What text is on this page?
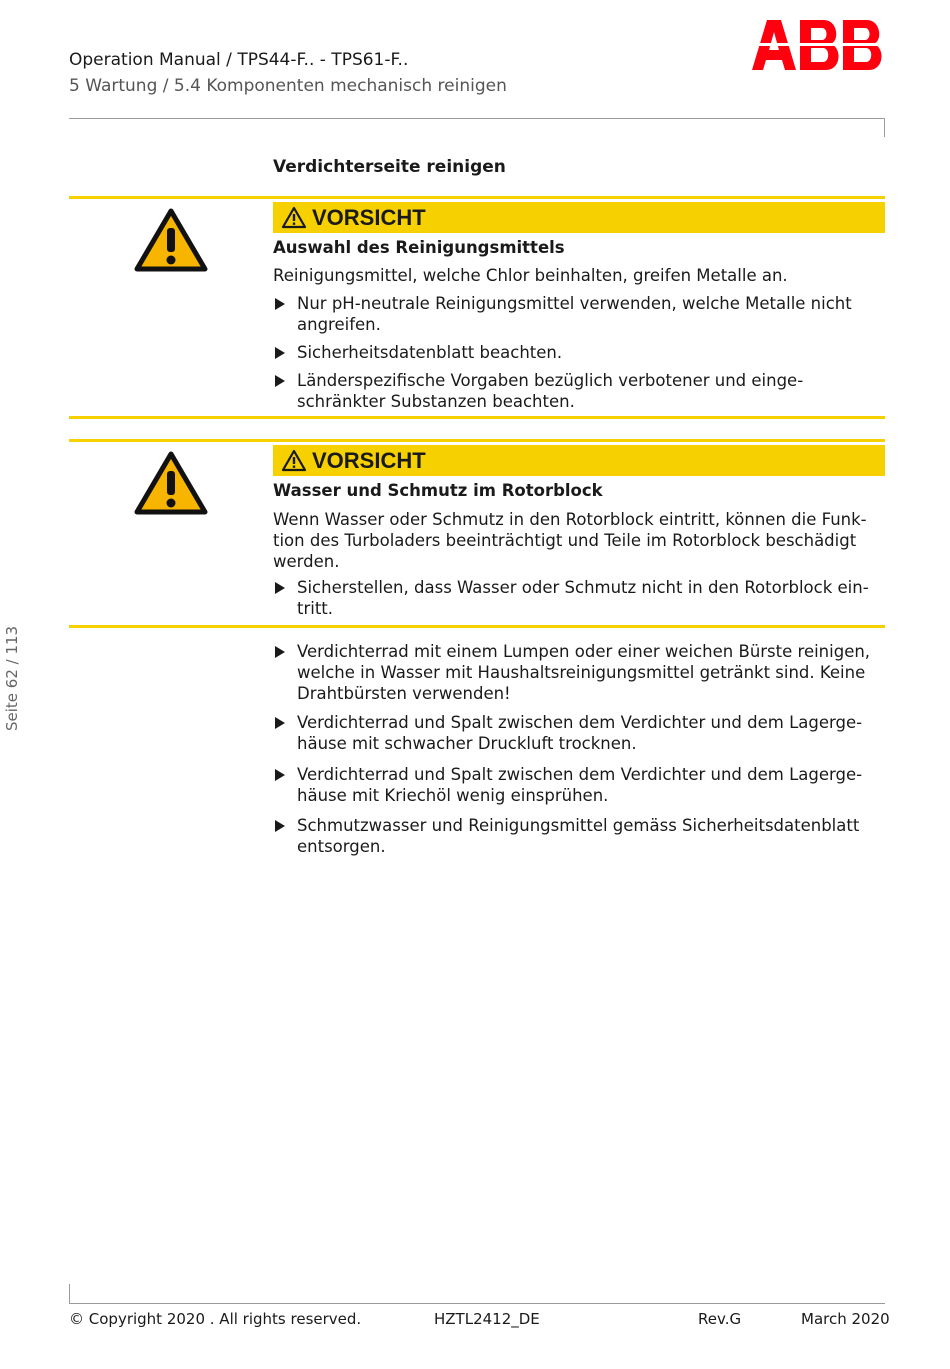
Operation Manual / TPS44-F.. - TPS61-F..
5 Wartung / 5.4 Komponenten mechanisch reinigen
Seite 62 / 113
Verdichterseite reinigen
VORSICHT
Auswahl des Reinigungsmittels
Reinigungsmittel, welche Chlor beinhalten, greifen Metalle an.
Nur pH-neutrale Reinigungsmittel verwenden, welche Metalle nicht
angreifen.
Sicherheitsdatenblatt beachten.
Länderspezifische Vorgaben bezüglich verbotener und einge-
schränkter Substanzen beachten.
VORSICHT
Wasser und Schmutz im Rotorblock
Wenn Wasser oder Schmutz in den Rotorblock eintritt, können die Funk-
tion des Turboladers beeinträchtigt und Teile im Rotorblock beschädigt
werden.
Sicherstellen, dass Wasser oder Schmutz nicht in den Rotorblock ein-
tritt.
Verdichterrad mit einem Lumpen oder einer weichen Bürste reinigen,
welche in Wasser mit Haushaltsreinigungsmittel getränkt sind. Keine
Drahtbürsten verwenden!
Verdichterrad und Spalt zwischen dem Verdichter und dem Lagerge-
häuse mit schwacher Druckluft trocknen.
Verdichterrad und Spalt zwischen dem Verdichter und dem Lagerge-
häuse mit Kriechöl wenig einsprühen.
Schmutzwasser und Reinigungsmittel gemäss Sicherheitsdatenblatt
entsorgen.
© Copyright 2020 . All rights reserved.	HZTL2412_DE	Rev.G	March 2020
